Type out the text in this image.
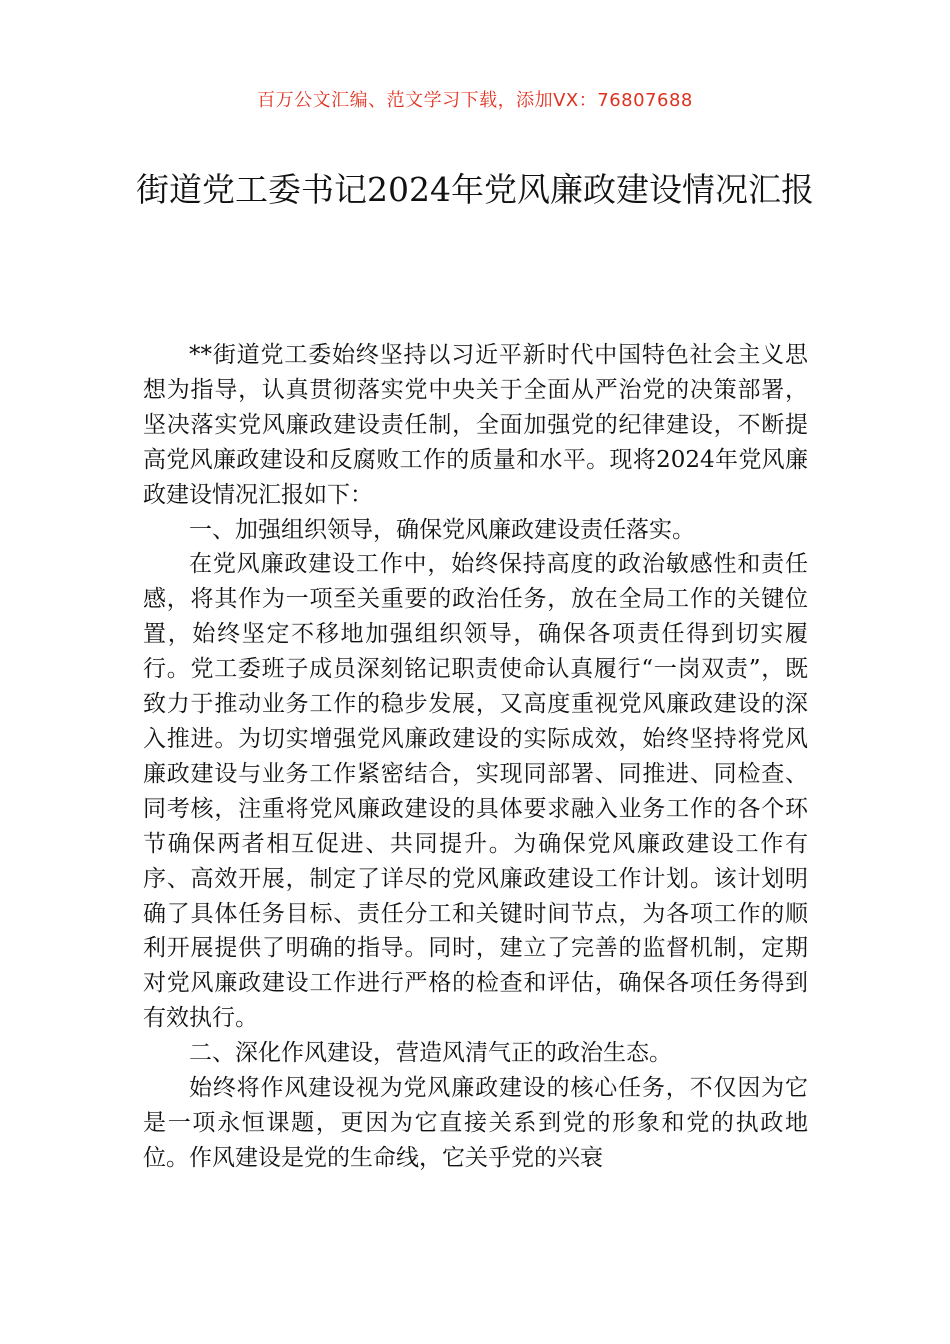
百万公文汇编、范文学习下载，添加VX：76807688
街道党工委书记2024年党风廉政建设情况汇报

**街道党工委始终坚持以习近平新时代中国特色社会主义思想为指导，认真贯彻落实党中央关于全面从严治党的决策部署，坚决落实党风廉政建设责任制，全面加强党的纪律建设，不断提高党风廉政建设和反腐败工作的质量和水平。现将2024年党风廉政建设情况汇报如下：

一、加强组织领导，确保党风廉政建设责任落实。

在党风廉政建设工作中，始终保持高度的政治敏感性和责任感，将其作为一项至关重要的政治任务，放在全局工作的关键位置，始终坚定不移地加强组织领导，确保各项责任得到切实履行。党工委班子成员深刻铭记职责使命认真履行“一岗双责”，既致力于推动业务工作的稳步发展，又高度重视党风廉政建设的深入推进。为切实增强党风廉政建设的实际成效，始终坚持将党风廉政建设与业务工作紧密结合，实现同部署、同推进、同检查、同考核，注重将党风廉政建设的具体要求融入业务工作的各个环节确保两者相互促进、共同提升。为确保党风廉政建设工作有序、高效开展，制定了详尽的党风廉政建设工作计划。该计划明确了具体任务目标、责任分工和关键时间节点，为各项工作的顺利开展提供了明确的指导。同时，建立了完善的监督机制，定期对党风廉政建设工作进行严格的检查和评估，确保各项任务得到有效执行。

二、深化作风建设，营造风清气正的政治生态。

始终将作风建设视为党风廉政建设的核心任务，不仅因为它是一项永恒课题，更因为它直接关系到党的形象和党的执政地位。作风建设是党的生命线，它关乎党的兴衰
